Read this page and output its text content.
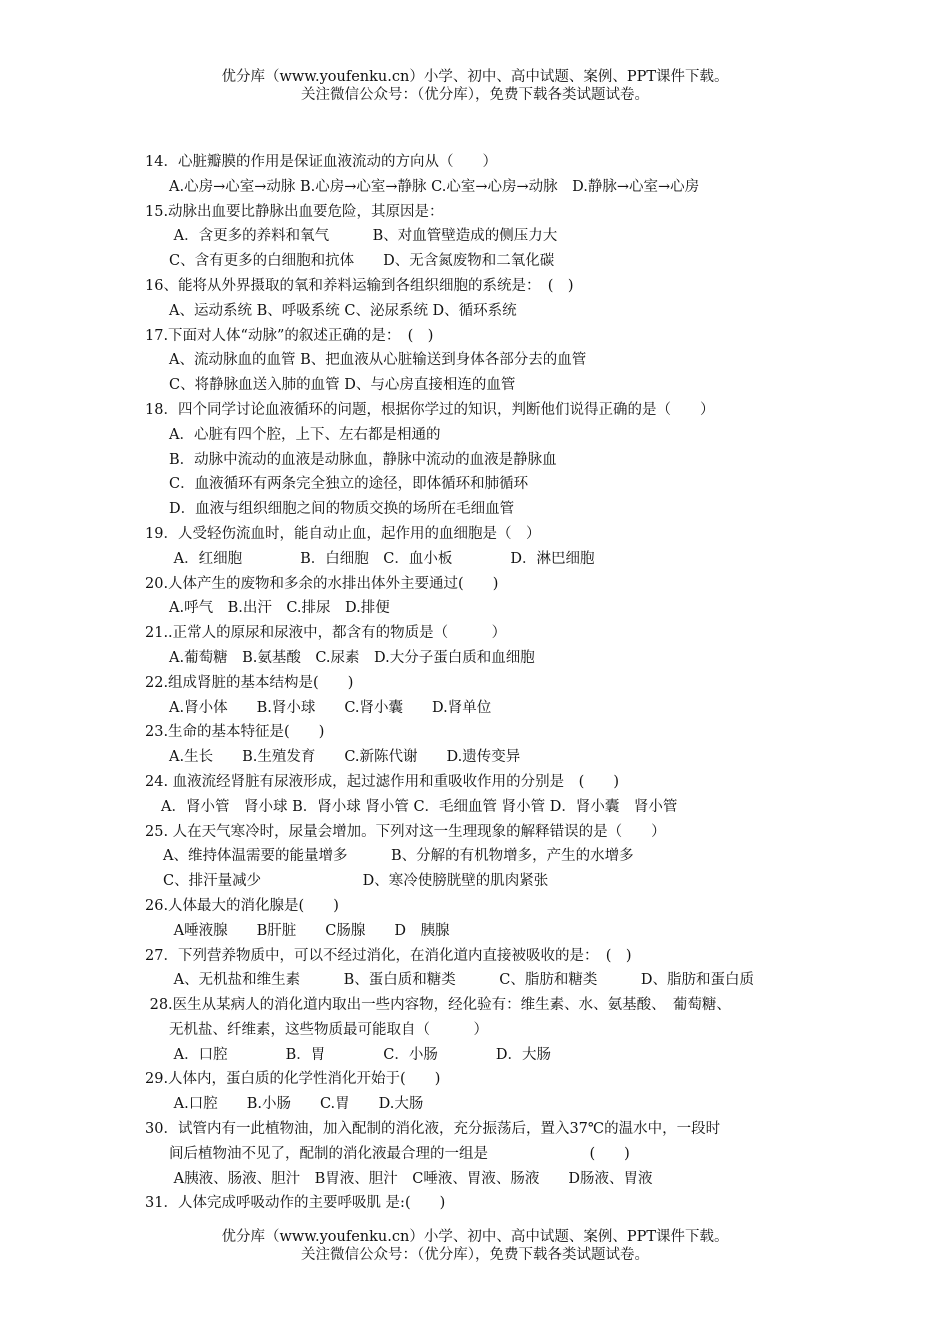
优分库（www.youfenku.cn）小学、初中、高中试题、案例、PPT课件下载。
关注微信公众号：（优分库），免费下载各类试题试卷。
14．心脏瓣膜的作用是保证血液流动的方向从（　　）
A.心房→心室→动脉 B.心房→心室→静脉 C.心室→心房→动脉　D.静脉→心室→心房
15.动脉出血要比静脉出血要危险，其原因是：
A．含更多的养料和氧气　　　B、对血管壁造成的侧压力大
C、含有更多的白细胞和抗体　　D、无含氮废物和二氧化碳
16、能将从外界摄取的氧和养料运输到各组织细胞的系统是：　(　)
A、运动系统 B、呼吸系统 C、泌尿系统 D、循环系统
17.下面对人体“动脉”的叙述正确的是：　(　)
A、流动脉血的血管 B、把血液从心脏输送到身体各部分去的血管
C、将静脉血送入肺的血管 D、与心房直接相连的血管
18．四个同学讨论血液循环的问题，根据你学过的知识，判断他们说得正确的是（　　）
A．心脏有四个腔，上下、左右都是相通的
B．动脉中流动的血液是动脉血，静脉中流动的血液是静脉血
C．血液循环有两条完全独立的途径，即体循环和肺循环
D．血液与组织细胞之间的物质交换的场所在毛细血管
19．人受轻伤流血时，能自动止血，起作用的血细胞是（　）
A．红细胞　　　　B．白细胞　C．血小板　　　　D．淋巴细胞
20.人体产生的废物和多余的水排出体外主要通过(　　)
A.呼气　B.出汗　C.排尿　D.排便
21..正常人的原尿和尿液中，都含有的物质是（　　　）
A.葡萄糖　B.氨基酸　C.尿素　D.大分子蛋白质和血细胞
22.组成肾脏的基本结构是(　　)
A.肾小体　　B.肾小球　　C.肾小囊　　D.肾单位
23.生命的基本特征是(　　)
A.生长　　B.生殖发育　　C.新陈代谢　　D.遗传变异
24. 血液流经肾脏有尿液形成，起过滤作用和重吸收作用的分别是　(　　)
A．肾小管　肾小球 B．肾小球 肾小管 C．毛细血管 肾小管 D．肾小囊　肾小管
25. 人在天气寒冷时，尿量会增加。下列对这一生理现象的解释错误的是（　　）
A、维持体温需要的能量增多　　　B、分解的有机物增多，产生的水增多
C、排汗量减少　　　　　　　D、寒冷使膀胱壁的肌肉紧张
26.人体最大的消化腺是(　　)
A唾液腺　　B肝脏　　C肠腺　　D　胰腺
27．下列营养物质中，可以不经过消化，在消化道内直接被吸收的是：　(　)
A、无机盐和维生素　　　B、蛋白质和糖类　　　C、脂肪和糖类　　　D、脂肪和蛋白质
28.医生从某病人的消化道内取出一些内容物，经化验有：维生素、水、氨基酸、　葡萄糖、
无机盐、纤维素，这些物质最可能取自（　　　）
A．口腔　　　　B．胃　　　　C．小肠　　　　D．大肠
29.人体内，蛋白质的化学性消化开始于(　　)
A.口腔　　B.小肠　　C.胃　　D.大肠
30．试管内有一此植物油，加入配制的消化液，充分振荡后，置入37℃的温水中，一段时
间后植物油不见了，配制的消化液最合理的一组是　　　　　　　(　　)
A胰液、肠液、胆汁　B胃液、胆汁　C唾液、胃液、肠液　　D肠液、胃液
31．人体完成呼吸动作的主要呼吸肌 是:(　　)
优分库（www.youfenku.cn）小学、初中、高中试题、案例、PPT课件下载。
关注微信公众号：（优分库），免费下载各类试题试卷。
